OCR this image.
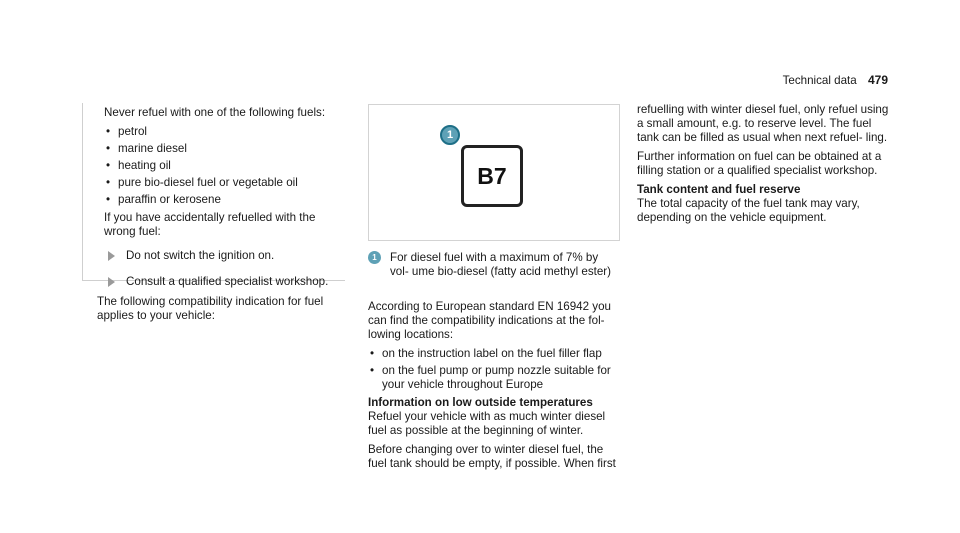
Technical data 479

Never refuel with one of the following fuels:

• petrol
• marine diesel
• heating oil
• pure bio-diesel fuel or vegetable oil
• paraffin or kerosene

If you have accidentally refuelled with the wrong fuel:

Do not switch the ignition on.
Consult a qualified specialist workshop.

The following compatibility indication for fuel applies to your vehicle:

1
B7
1	For diesel fuel with a maximum of 7% by vol- ume bio-diesel (fatty acid methyl ester)

According to European standard EN 16942 you can find the compatibility indications at the fol- lowing locations:

• on the instruction label on the fuel filler flap
• on the fuel pump or pump nozzle suitable for your vehicle throughout Europe
Information on low outside temperatures

Refuel your vehicle with as much winter diesel fuel as possible at the beginning of winter.

Before changing over to winter diesel fuel, the fuel tank should be empty, if possible. When first

refuelling with winter diesel fuel, only refuel using a small amount, e.g. to reserve level. The fuel tank can be filled as usual when next refuel- ling.

Further information on fuel can be obtained at a filling station or a qualified specialist workshop.

Tank content and fuel reserve

The total capacity of the fuel tank may vary, depending on the vehicle equipment.
